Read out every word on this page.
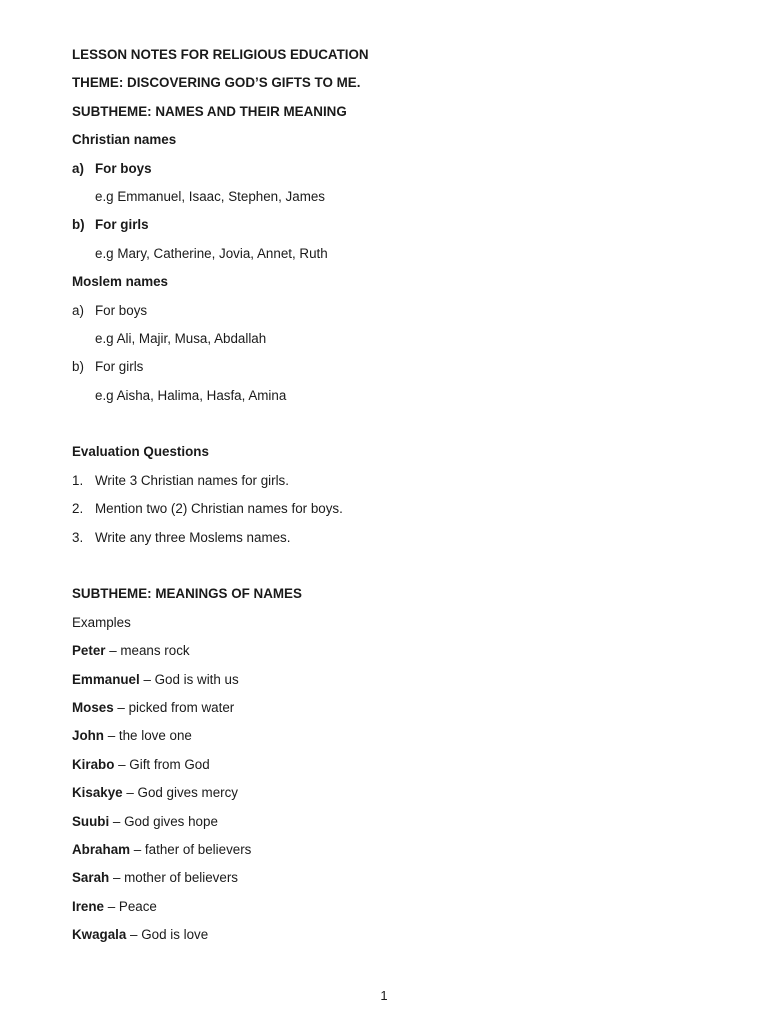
LESSON NOTES FOR RELIGIOUS EDUCATION
THEME: DISCOVERING GOD’S GIFTS TO ME.
SUBTHEME: NAMES AND THEIR MEANING
Christian names
a) For boys
e.g Emmanuel, Isaac, Stephen, James
b) For girls
e.g Mary, Catherine, Jovia, Annet, Ruth
Moslem names
a) For boys
e.g Ali, Majir, Musa, Abdallah
b) For girls
e.g Aisha, Halima, Hasfa, Amina
Evaluation Questions
1. Write 3 Christian names for girls.
2. Mention two (2) Christian names for boys.
3. Write any three Moslems names.
SUBTHEME: MEANINGS OF NAMES
Examples
Peter – means rock
Emmanuel – God is with us
Moses – picked from water
John – the love one
Kirabo – Gift from God
Kisakye – God gives mercy
Suubi – God gives hope
Abraham – father of believers
Sarah – mother of believers
Irene – Peace
Kwagala – God is love
1
